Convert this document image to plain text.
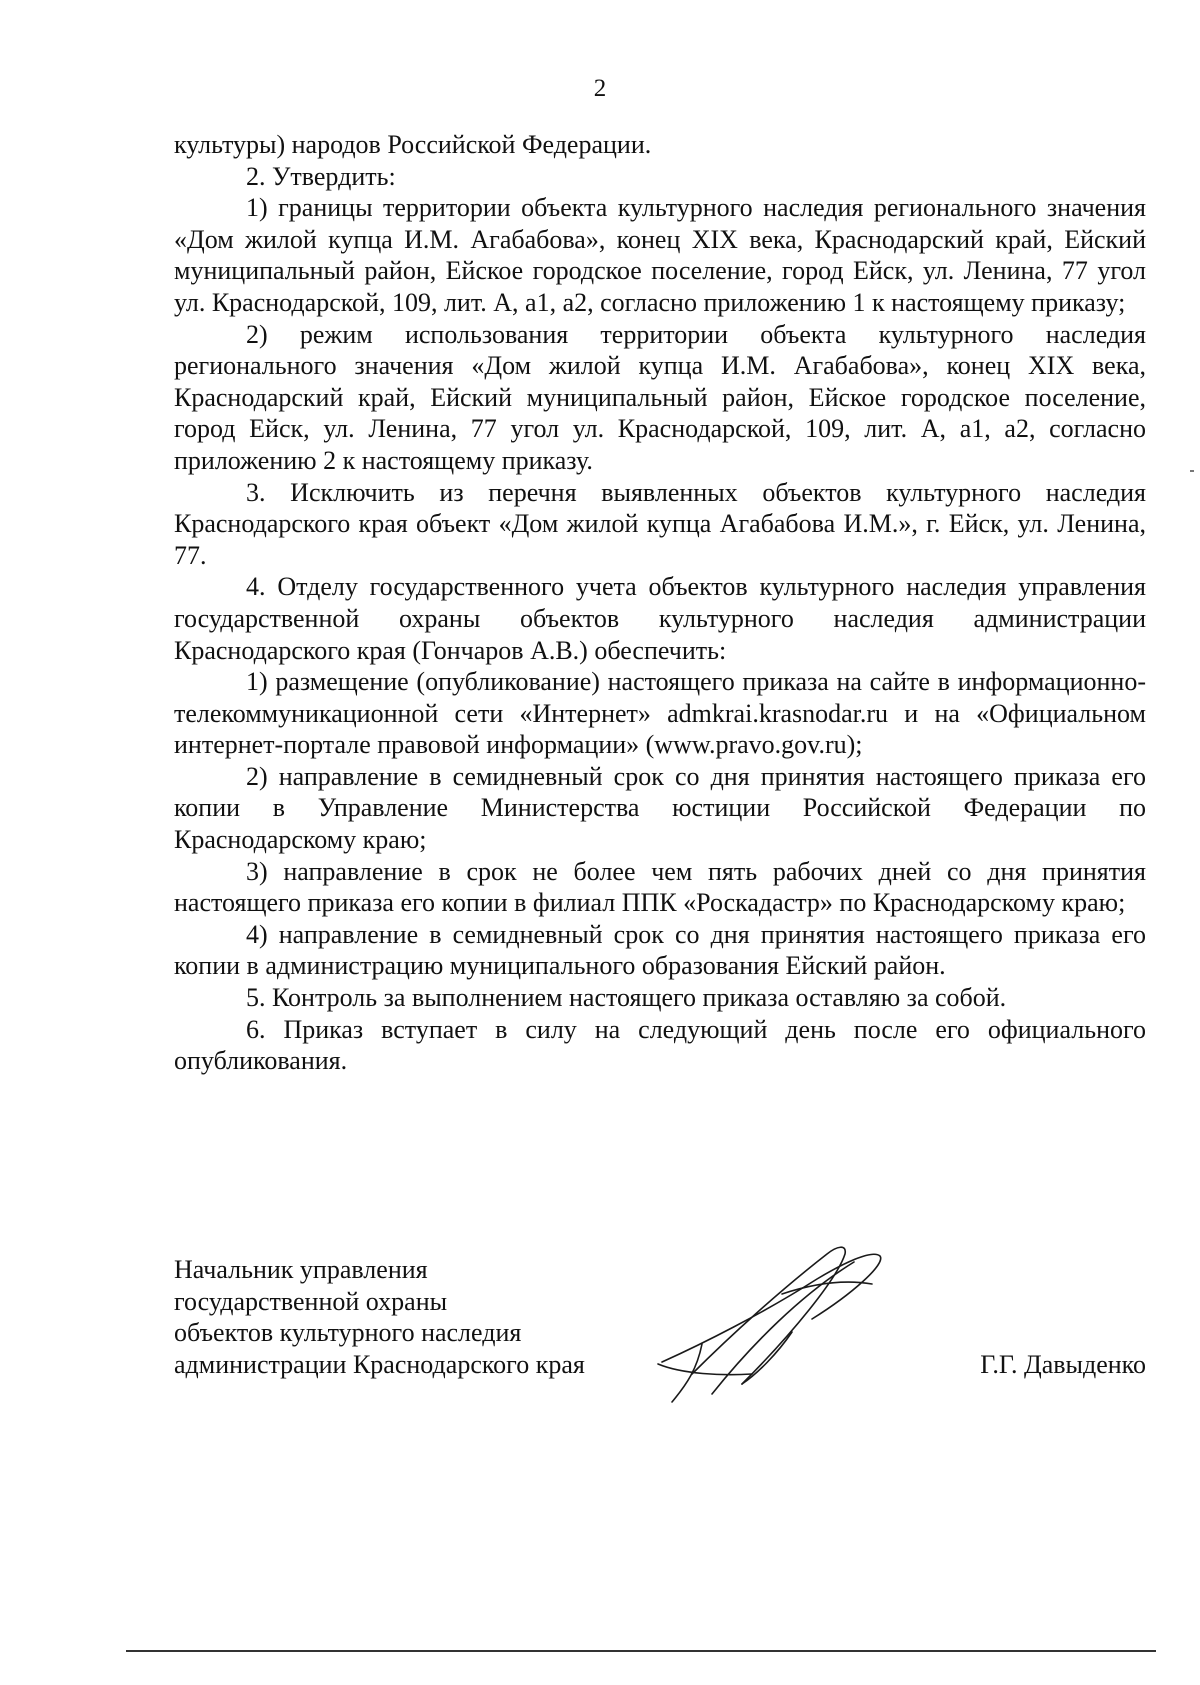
2

культуры) народов Российской Федерации.

2. Утвердить:

1) границы территории объекта культурного наследия регионального значения «Дом жилой купца И.М. Агабабова», конец XIX века, Краснодарский край, Ейский муниципальный район, Ейское городское поселение, город Ейск, ул. Ленина, 77 угол ул. Краснодарской, 109, лит. А, а1, а2, согласно приложению 1 к настоящему приказу;

2) режим использования территории объекта культурного наследия регионального значения «Дом жилой купца И.М. Агабабова», конец XIX века, Краснодарский край, Ейский муниципальный район, Ейское городское поселение, город Ейск, ул. Ленина, 77 угол ул. Краснодарской, 109, лит. А, а1, а2, согласно приложению 2 к настоящему приказу.

3. Исключить из перечня выявленных объектов культурного наследия Краснодарского края объект «Дом жилой купца Агабабова И.М.», г. Ейск, ул. Ленина, 77.

4. Отделу государственного учета объектов культурного наследия управления государственной охраны объектов культурного наследия администрации Краснодарского края (Гончаров А.В.) обеспечить:

1) размещение (опубликование) настоящего приказа на сайте в информационно-телекоммуникационной сети «Интернет» admkrai.krasnodar.ru и на «Официальном интернет-портале правовой информации» (www.pravo.gov.ru);

2) направление в семидневный срок со дня принятия настоящего приказа его копии в Управление Министерства юстиции Российской Федерации по Краснодарскому краю;

3) направление в срок не более чем пять рабочих дней со дня принятия настоящего приказа его копии в филиал ППК «Роскадастр» по Краснодарскому краю;

4) направление в семидневный срок со дня принятия настоящего приказа его копии в администрацию муниципального образования Ейский район.

5. Контроль за выполнением настоящего приказа оставляю за собой.

6. Приказ вступает в силу на следующий день после его официального опубликования.

Начальник управления
государственной охраны
объектов культурного наследия
администрации Краснодарского края	Г.Г. Давыденко
